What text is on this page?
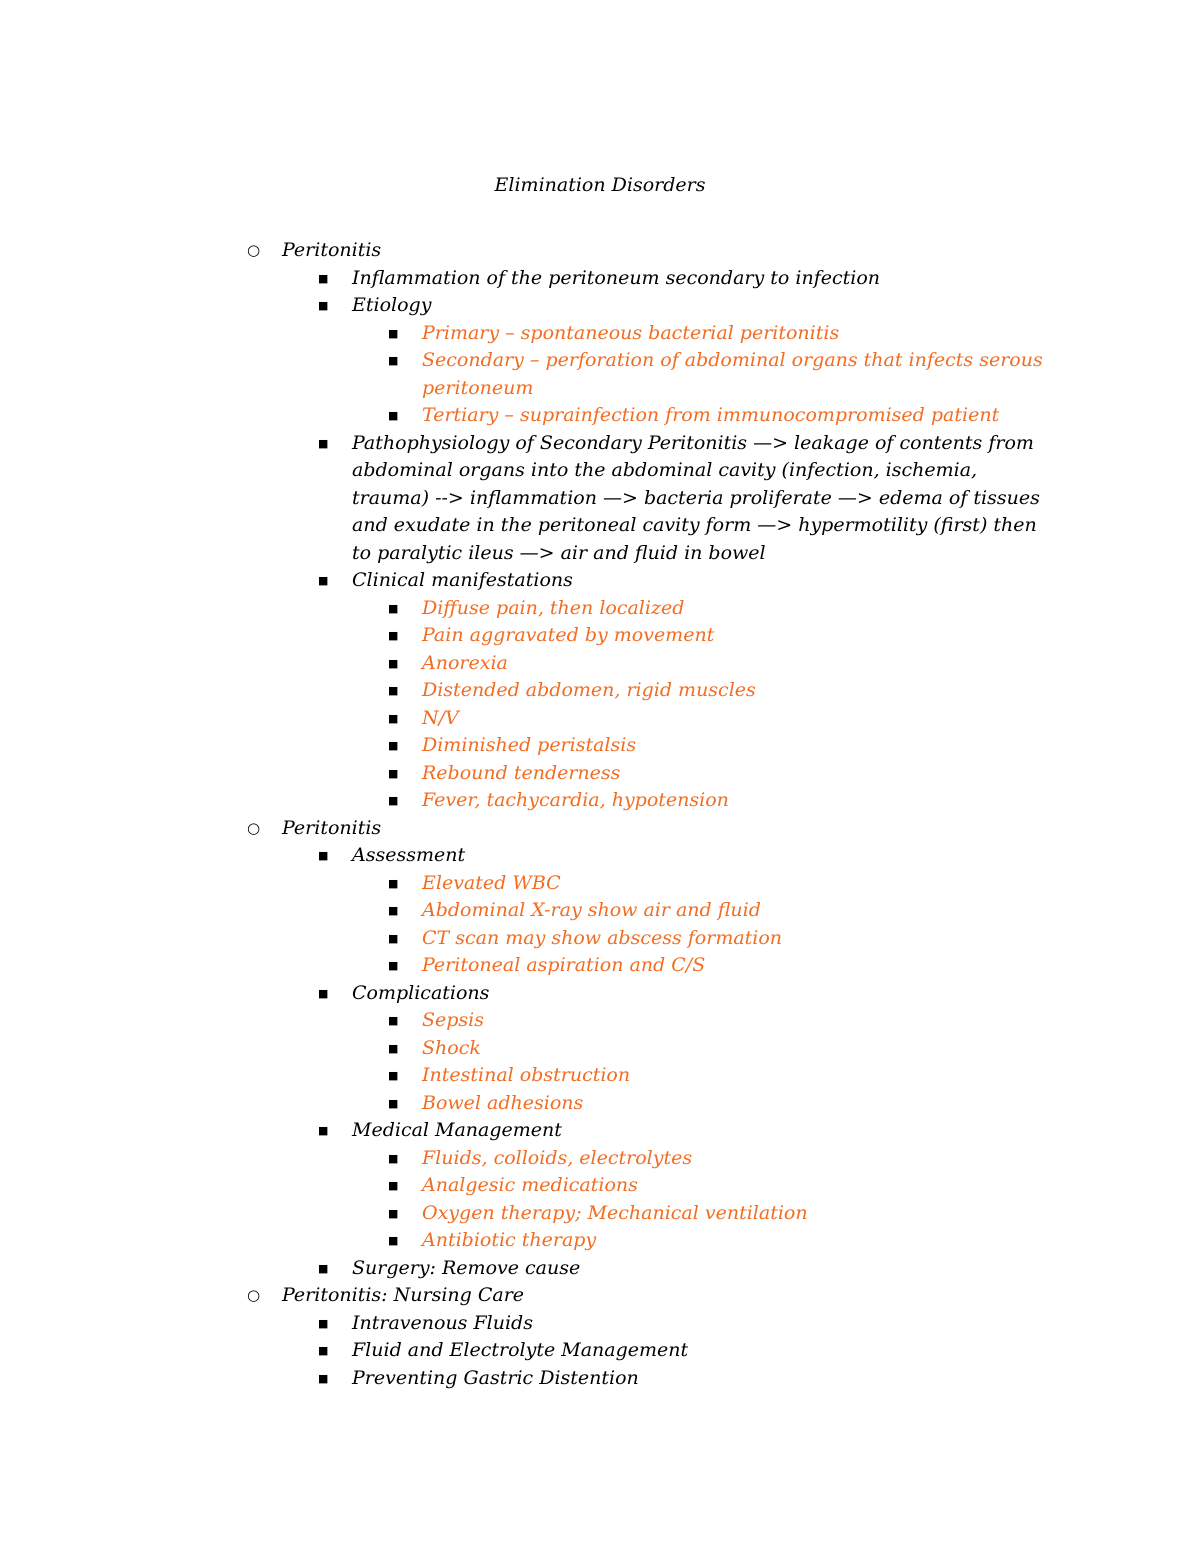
Elimination Disorders
○ Peritonitis
■ Inflammation of the peritoneum secondary to infection
■ Etiology
■ Primary – spontaneous bacterial peritonitis
■ Secondary – perforation of abdominal organs that infects serous peritoneum
■ Tertiary – suprainfection from immunocompromised patient
■ Pathophysiology of Secondary Peritonitis —> leakage of contents from abdominal organs into the abdominal cavity (infection, ischemia, trauma) --> inflammation —> bacteria proliferate —> edema of tissues and exudate in the peritoneal cavity form —> hypermotility (first) then to paralytic ileus —> air and fluid in bowel
■ Clinical manifestations
■ Diffuse pain, then localized
■ Pain aggravated by movement
■ Anorexia
■ Distended abdomen, rigid muscles
■ N/V
■ Diminished peristalsis
■ Rebound tenderness
■ Fever, tachycardia, hypotension
○ Peritonitis
■ Assessment
■ Elevated WBC
■ Abdominal X-ray show air and fluid
■ CT scan may show abscess formation
■ Peritoneal aspiration and C/S
■ Complications
■ Sepsis
■ Shock
■ Intestinal obstruction
■ Bowel adhesions
■ Medical Management
■ Fluids, colloids, electrolytes
■ Analgesic medications
■ Oxygen therapy; Mechanical ventilation
■ Antibiotic therapy
■ Surgery: Remove cause
○ Peritonitis: Nursing Care
■ Intravenous Fluids
■ Fluid and Electrolyte Management
■ Preventing Gastric Distention
